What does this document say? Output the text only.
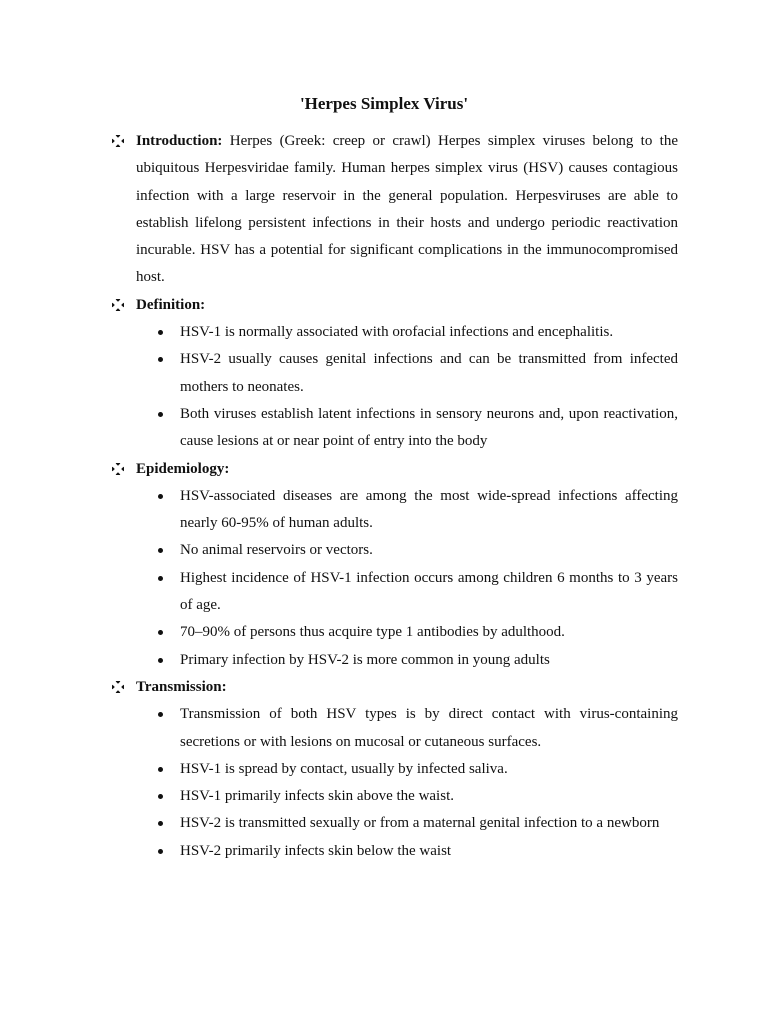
'Herpes Simplex Virus'
Introduction: Herpes (Greek: creep or crawl) Herpes simplex viruses belong to the ubiquitous Herpesviridae family. Human herpes simplex virus (HSV) causes contagious infection with a large reservoir in the general population. Herpesviruses are able to establish lifelong persistent infections in their hosts and undergo periodic reactivation incurable. HSV has a potential for significant complications in the immunocompromised host.
Definition:
HSV-1 is normally associated with orofacial infections and encephalitis.
HSV-2 usually causes genital infections and can be transmitted from infected mothers to neonates.
Both viruses establish latent infections in sensory neurons and, upon reactivation, cause lesions at or near point of entry into the body
Epidemiology:
HSV-associated diseases are among the most wide-spread infections affecting nearly 60-95% of human adults.
No animal reservoirs or vectors.
Highest incidence of HSV-1 infection occurs among children 6 months to 3 years of age.
70–90% of persons thus acquire type 1 antibodies by adulthood.
Primary infection by HSV-2 is more common in young adults
Transmission:
Transmission of both HSV types is by direct contact with virus-containing secretions or with lesions on mucosal or cutaneous surfaces.
HSV-1 is spread by contact, usually by infected saliva.
HSV-1 primarily infects skin above the waist.
HSV-2 is transmitted sexually or from a maternal genital infection to a newborn
HSV-2 primarily infects skin below the waist
